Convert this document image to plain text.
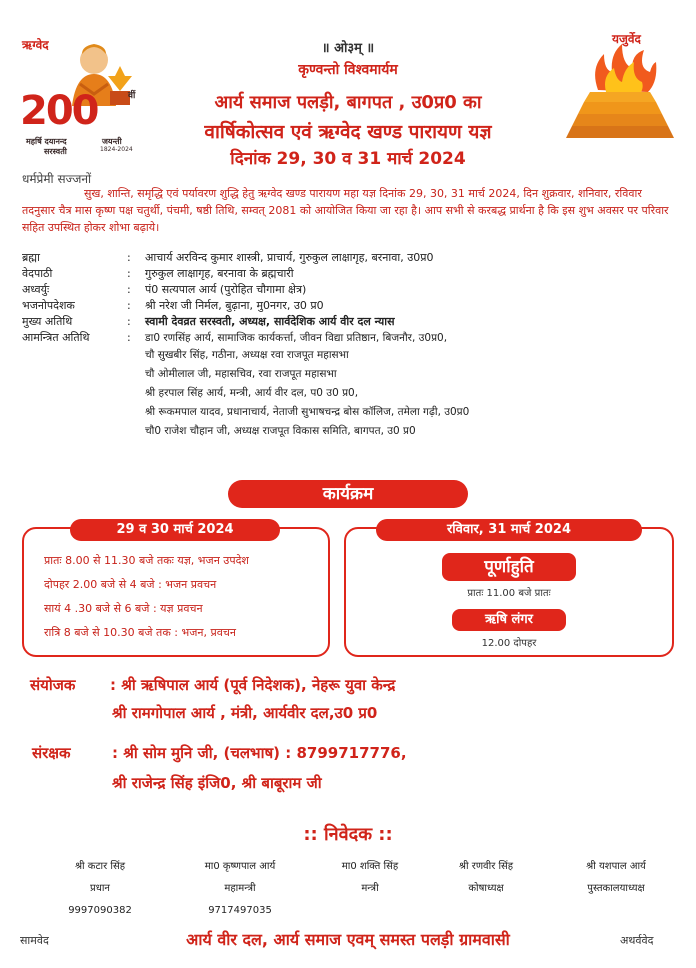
ऋग्वेद	यजुर्वेद
200	वीं
महर्षि दयानन्द
सरस्वती
जयन्ती
1824-2024
॥ ओ३म् ॥
कृण्वन्तो विश्वमार्यम
आर्य समाज पलड़ी, बागपत , उ0प्र0 का
वार्षिकोत्सव एवं ऋग्वेद खण्ड पारायण यज्ञ
दिनांक 29, 30 व 31 मार्च 2024
धर्मप्रेमी सज्जनों
सुख, शान्ति, समृद्धि एवं पर्यावरण शुद्धि हेतु ऋग्वेद खण्ड पारायण महा यज्ञ दिनांक 29, 30, 31 मार्च 2024, दिन शुक्रवार, शनिवार, रविवार तदनुसार चैत्र मास कृष्ण पक्ष चतुर्थी, पंचमी, षष्ठी तिथि, सम्वत् 2081 को आयोजित किया जा रहा है। आप सभी से करबद्ध प्रार्थना है कि इस शुभ अवसर पर परिवार सहित उपस्थित होकर शोभा बढ़ाये।
ब्रह्मा	:	आचार्य अरविन्द कुमार शास्त्री, प्राचार्य, गुरुकुल लाक्षागृह, बरनावा, उ0प्र0
वेदपाठी	:	गुरुकुल लाक्षागृह, बरनावा के ब्रह्मचारी
अध्वर्युः	:	पं0 सत्यपाल आर्य (पुरोहित चौगामा क्षेत्र)
भजनोपदेशक	:	श्री नरेश जी निर्मल, बुढ़ाना, मु0नगर, उ0 प्र0
मुख्य अतिथि	:	स्वामी देवव्रत सरस्वती, अध्यक्ष, सार्वदेशिक आर्य वीर दल न्यास
आमन्त्रित अतिथि	:	डा0 रणसिंह आर्य, सामाजिक कार्यकर्त्ता, जीवन विद्या प्रतिष्ठान, बिजनौर, उ0प्र0,
चौ सुखबीर सिंह, गठीना, अध्यक्ष रवा राजपूत महासभा
चौ ओमीलाल जी, महासचिव, रवा राजपूत महासभा
श्री हरपाल सिंह आर्य, मन्त्री, आर्य वीर दल, प0 उ0 प्र0,
श्री रूकमपाल यादव, प्रधानाचार्य, नेताजी सुभाषचन्द्र बोस कॉलिज, तमेला गढ़ी, उ0प्र0
चौ0 राजेश चौहान जी, अध्यक्ष राजपूत विकास समिति, बागपत, उ0 प्र0
कार्यक्रम
29 व 30 मार्च 2024
प्रातः 8.00 से 11.30 बजे तकः यज्ञ, भजन उपदेश
दोपहर 2.00 बजे से 4 बजे : भजन प्रवचन
सायं 4 .30 बजे से 6 बजे : यज्ञ प्रवचन
रात्रि 8 बजे से 10.30 बजे तक : भजन, प्रवचन
रविवार, 31 मार्च 2024
पूर्णाहुति
प्रातः 11.00 बजे प्रातः
ऋषि लंगर
12.00 दोपहर
संयोजक : श्री ऋषिपाल आर्य (पूर्व निदेशक), नेहरू युवा केन्द्र
श्री रामगोपाल आर्य , मंत्री, आर्यवीर दल,उ0 प्र0
संरक्षक	: श्री सोम मुनि जी, (चलभाष) : 8799717776,
श्री राजेन्द्र सिंह इंजि0, श्री बाबूराम जी
:: निवेदक ::
श्री कटार सिंह
प्रधान
9997090382
मा0 कृष्णपाल आर्य
महामन्त्री
9717497035
मा0 शक्ति सिंह
मन्त्री
श्री रणवीर सिंह
कोषाध्यक्ष
श्री यशपाल आर्य
पुस्तकालयाध्यक्ष
सामवेद	आर्य वीर दल, आर्य समाज एवम् समस्त पलड़ी ग्रामवासी	अथर्ववेद
